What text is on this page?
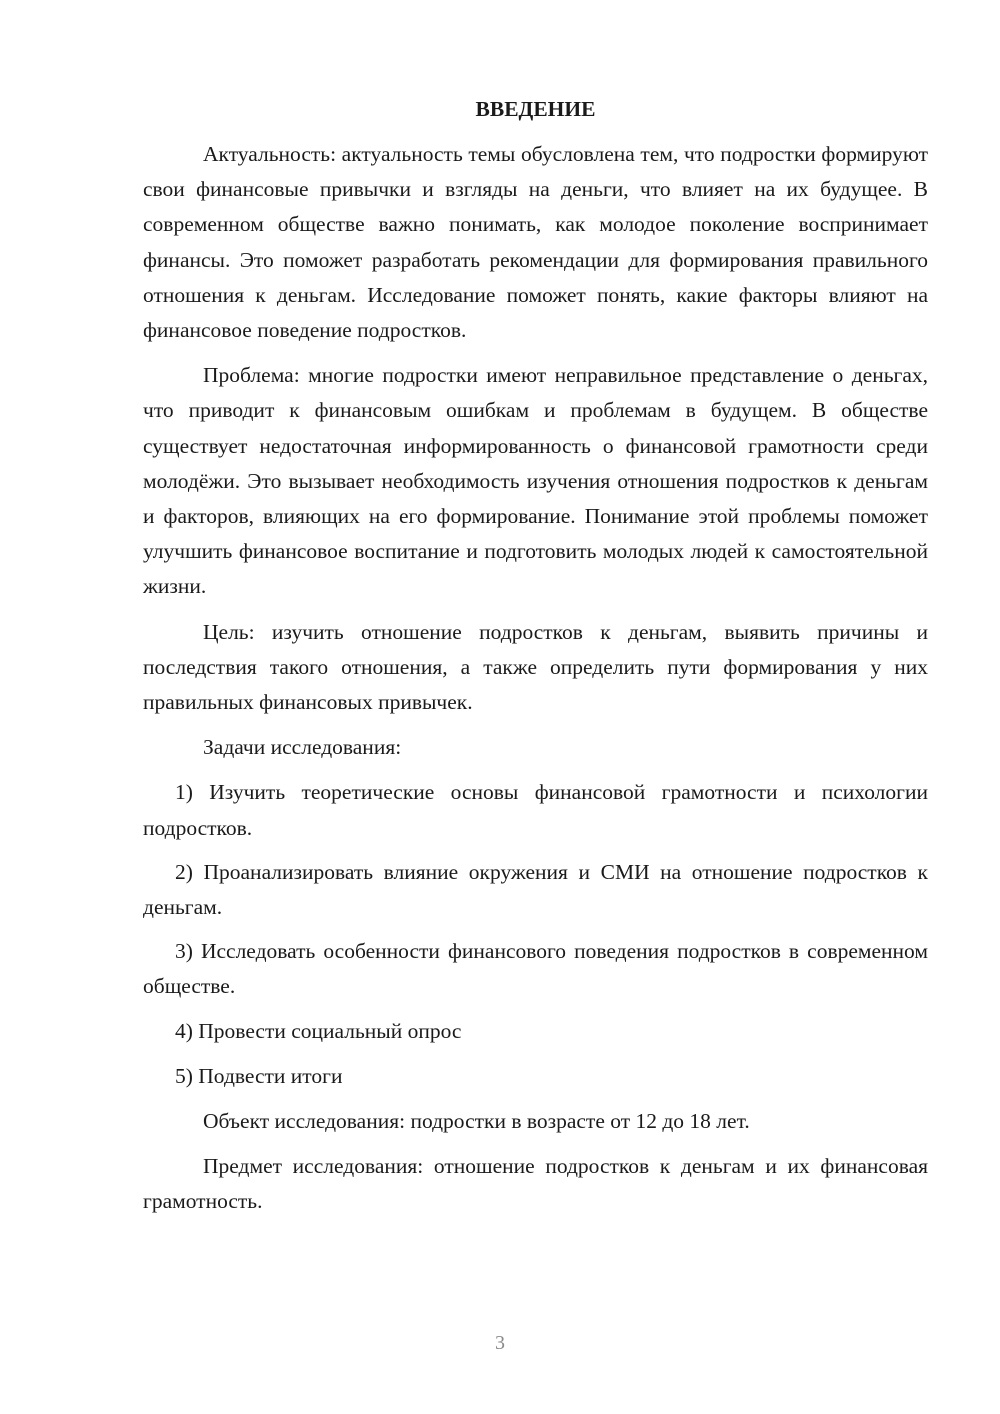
ВВЕДЕНИЕ

Актуальность: актуальность темы обусловлена тем, что подростки формируют свои финансовые привычки и взгляды на деньги, что влияет на их будущее. В современном обществе важно понимать, как молодое поколение воспринимает финансы. Это поможет разработать рекомендации для формирования правильного отношения к деньгам. Исследование поможет понять, какие факторы влияют на финансовое поведение подростков.

Проблема: многие подростки имеют неправильное представление о деньгах, что приводит к финансовым ошибкам и проблемам в будущем. В обществе существует недостаточная информированность о финансовой грамотности среди молодёжи. Это вызывает необходимость изучения отношения подростков к деньгам и факторов, влияющих на его формирование. Понимание этой проблемы поможет улучшить финансовое воспитание и подготовить молодых людей к самостоятельной жизни.

Цель: изучить отношение подростков к деньгам, выявить причины и последствия такого отношения, а также определить пути формирования у них правильных финансовых привычек.

Задачи исследования:

1) Изучить теоретические основы финансовой грамотности и психологии подростков.

2) Проанализировать влияние окружения и СМИ на отношение подростков к деньгам.

3) Исследовать особенности финансового поведения подростков в современном обществе.

4) Провести социальный опрос

5) Подвести итоги

Объект исследования: подростки в возрасте от 12 до 18 лет.

Предмет исследования: отношение подростков к деньгам и их финансовая грамотность.

3
